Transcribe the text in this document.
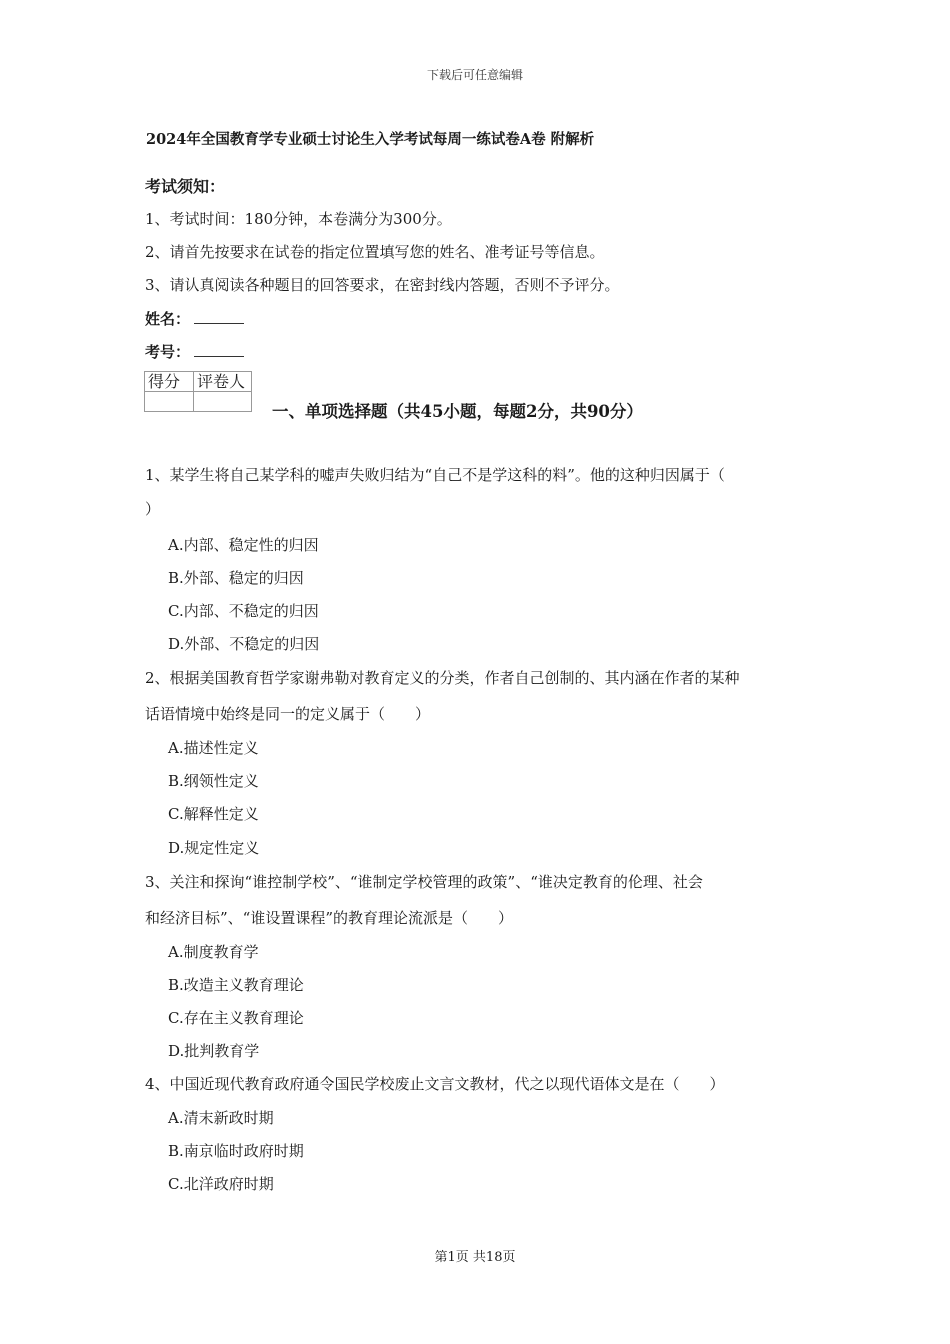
下载后可任意编辑
2024年全国教育学专业硕士讨论生入学考试每周一练试卷A卷 附解析
考试须知：
1、考试时间：180分钟，本卷满分为300分。
2、请首先按要求在试卷的指定位置填写您的姓名、准考证号等信息。
3、请认真阅读各种题目的回答要求，在密封线内答题，否则不予评分。
姓名：
考号：
得分	评卷人

一、单项选择题（共45小题，每题2分，共90分）
1、某学生将自己某学科的嘘声失败归结为“自己不是学这科的料”。他的这种归因属于（
）
A.内部、稳定性的归因
B.外部、稳定的归因
C.内部、不稳定的归因
D.外部、不稳定的归因
2、根据美国教育哲学家谢弗勒对教育定义的分类，作者自己创制的、其内涵在作者的某种
话语情境中始终是同一的定义属于（　　）
A.描述性定义
B.纲领性定义
C.解释性定义
D.规定性定义
3、关注和探询“谁控制学校”、“谁制定学校管理的政策”、“谁决定教育的伦理、社会
和经济目标”、“谁设置课程”的教育理论流派是（　　）
A.制度教育学
B.改造主义教育理论
C.存在主义教育理论
D.批判教育学
4、中国近现代教育政府通令国民学校废止文言文教材，代之以现代语体文是在（　　）
A.清末新政时期
B.南京临时政府时期
C.北洋政府时期
第1页 共18页
